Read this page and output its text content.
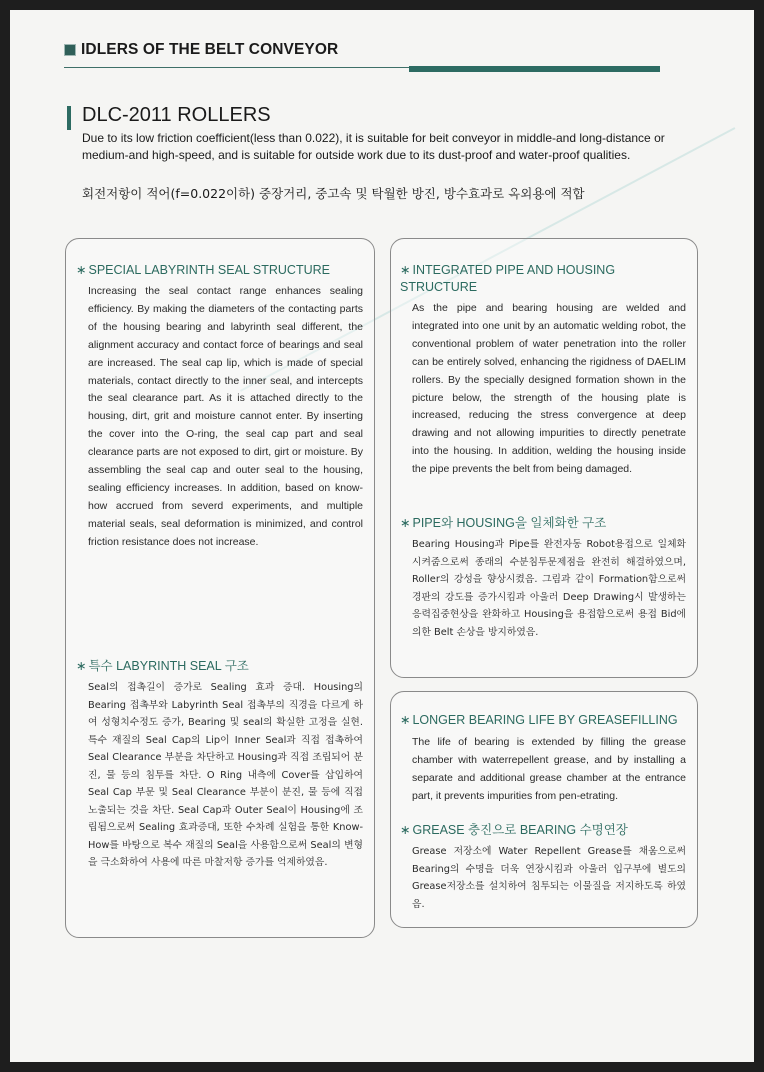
IDLERS OF THE BELT CONVEYOR
DLC-2011 ROLLERS

Due to its low friction coefficient(less than 0.022), it is suitable for beit conveyor in middle-and long-distance or medium-and high-speed, and is suitable for outside work due to its dust-proof and water-proof qualities.

회전저항이 적어(f=0.022이하) 중장거리, 중고속 및 탁월한 방진, 방수효과로 옥외용에 적합

∗ SPECIAL LABYRINTH SEAL STRUCTURE

Increasing the seal contact range enhances sealing efficiency. By making the diameters of the contacting parts of the housing bearing and labyrinth seal different, the alignment accuracy and contact force of bearings and seal are increased. The seal cap lip, which is made of special materials, contact directly to the inner seal, and intercepts the seal clearance part. As it is attached directly to the housing, dirt, grit and moisture cannot enter. By inserting the cover into the O-ring, the seal cap part and seal clearance parts are not exposed to dirt, girt or moisture. By assembling the seal cap and outer seal to the housing, sealing efficiency increases. In addition, based on know-how accrued from severd experiments, and multiple material seals, seal deformation is minimized, and control friction resistance does not increase.

∗ 특수 LABYRINTH SEAL 구조

Seal의 접촉길이 증가로 Sealing 효과 증대. Housing의 Bearing 접촉부와 Labyrinth Seal 접촉부의 직경을 다르게 하여 성형치수정도 증가, Bearing 및 seal의 확실한 고정을 실현. 특수 재질의 Seal Cap의 Lip이 Inner Seal과 직접 접촉하여 Seal Clearance 부분을 차단하고 Housing과 직접 조립되어 분진, 물 등의 침투를 차단. O Ring 내측에 Cover를 삽입하여 Seal Cap 부문 및 Seal Clearance 부분이 분진, 물 등에 직접 노출되는 것을 차단. Seal Cap과 Outer Seal이 Housing에 조립됨으로써 Sealing 효과증대, 또한 수차례 실험을 통한 Know-How를 바탕으로 복수 재질의 Seal을 사용함으로써 Seal의 변형을 극소화하여 사용에 따른 마찰저항 증가를 억제하였음.

∗ INTEGRATED PIPE AND HOUSING STRUCTURE

As the pipe and bearing housing are welded and integrated into one unit by an automatic welding robot, the conventional problem of water penetration into the roller can be entirely solved, enhancing the rigidness of DAELIM rollers. By the specially designed formation shown in the picture below, the strength of the housing plate is increased, reducing the stress convergence at deep drawing and not allowing impurities to directly penetrate into the housing. In addition, welding the housing inside the pipe prevents the belt from being damaged.

∗ PIPE와 HOUSING을 일체화한 구조

Bearing Housing과 Pipe를 완전자동 Robot용접으로 일체화 시켜줌으로써 종래의 수분침투문제점을 완전히 해결하였으며, Roller의 강성을 향상시켰음. 그림과 같이 Formation함으로써 경판의 강도를 증가시킴과 아울러 Deep Drawing시 발생하는 응력집중현상을 완화하고 Housing을 용접함으로써 용접 Bid에 의한 Belt 손상을 방지하였음.

∗ LONGER BEARING LIFE BY GREASEFILLING

The life of bearing is extended by filling the grease chamber with waterrepellent grease, and by installing a separate and additional grease chamber at the entrance part, it prevents impurities from pen-etrating.

∗ GREASE 충진으로 BEARING 수명연장

Grease 저장소에 Water Repellent Grease를 채움으로써 Bearing의 수명을 더욱 연장시킴과 아울러 입구부에 별도의 Grease저장소를 설치하여 침투되는 이물질을 저지하도록 하였음.
